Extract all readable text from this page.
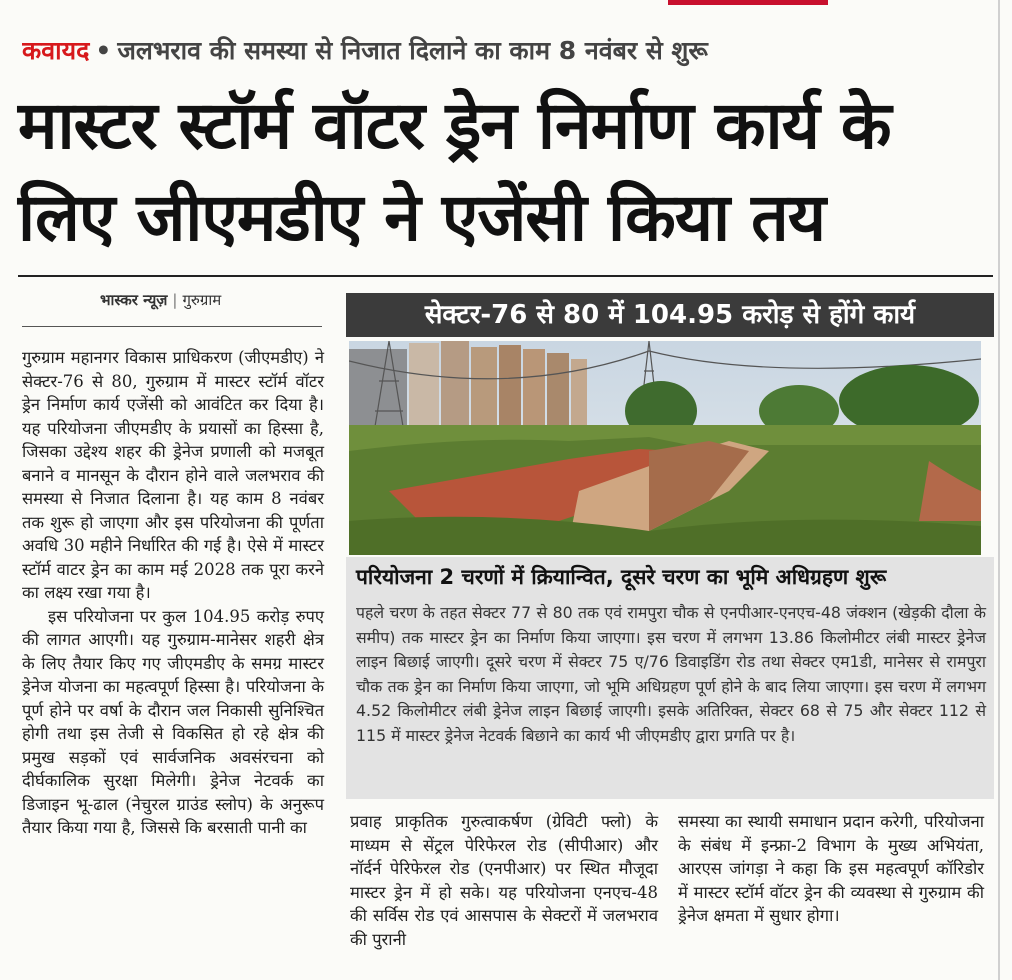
कवायद • जलभराव की समस्या से निजात दिलाने का काम 8 नवंबर से शुरू
मास्टर स्टॉर्म वॉटर ड्रेन निर्माण कार्य के लिए जीएमडीए ने एजेंसी किया तय
भास्कर न्यूज़ | गुरुग्राम

गुरुग्राम महानगर विकास प्राधिकरण (जीएमडीए) ने सेक्टर-76 से 80, गुरुग्राम में मास्टर स्टॉर्म वॉटर ड्रेन निर्माण कार्य एजेंसी को आवंटित कर दिया है। यह परियोजना जीएमडीए के प्रयासों का हिस्सा है, जिसका उद्देश्य शहर की ड्रेनेज प्रणाली को मजबूत बनाने व मानसून के दौरान होने वाले जलभराव की समस्या से निजात दिलाना है। यह काम 8 नवंबर तक शुरू हो जाएगा और इस परियोजना की पूर्णता अवधि 30 महीने निर्धारित की गई है। ऐसे में मास्टर स्टॉर्म वाटर ड्रेन का काम मई 2028 तक पूरा करने का लक्ष्य रखा गया है।

इस परियोजना पर कुल 104.95 करोड़ रुपए की लागत आएगी। यह गुरुग्राम-मानेसर शहरी क्षेत्र के लिए तैयार किए गए जीएमडीए के समग्र मास्टर ड्रेनेज योजना का महत्वपूर्ण हिस्सा है। परियोजना के पूर्ण होने पर वर्षा के दौरान जल निकासी सुनिश्चित होगी तथा इस तेजी से विकसित हो रहे क्षेत्र की प्रमुख सड़कों एवं सार्वजनिक अवसंरचना को दीर्घकालिक सुरक्षा मिलेगी। ड्रेनेज नेटवर्क का डिजाइन भू-ढाल (नेचुरल ग्राउंड स्लोप) के अनुरूप तैयार किया गया है, जिससे कि बरसाती पानी का

सेक्टर-76 से 80 में 104.95 करोड़ से होंगे कार्य
परियोजना 2 चरणों में क्रियान्वित, दूसरे चरण का भूमि अधिग्रहण शुरू

पहले चरण के तहत सेक्टर 77 से 80 तक एवं रामपुरा चौक से एनपीआर-एनएच-48 जंक्शन (खेड़की दौला के समीप) तक मास्टर ड्रेन का निर्माण किया जाएगा। इस चरण में लगभग 13.86 किलोमीटर लंबी मास्टर ड्रेनेज लाइन बिछाई जाएगी। दूसरे चरण में सेक्टर 75 ए/76 डिवाइडिंग रोड तथा सेक्टर एम1डी, मानेसर से रामपुरा चौक तक ड्रेन का निर्माण किया जाएगा, जो भूमि अधिग्रहण पूर्ण होने के बाद लिया जाएगा। इस चरण में लगभग 4.52 किलोमीटर लंबी ड्रेनेज लाइन बिछाई जाएगी। इसके अतिरिक्त, सेक्टर 68 से 75 और सेक्टर 112 से 115 में मास्टर ड्रेनेज नेटवर्क बिछाने का कार्य भी जीएमडीए द्वारा प्रगति पर है।

प्रवाह प्राकृतिक गुरुत्वाकर्षण (ग्रेविटी फ्लो) के माध्यम से सेंट्रल पेरिफेरल रोड (सीपीआर) और नॉर्दर्न पेरिफेरल रोड (एनपीआर) पर स्थित मौजूदा मास्टर ड्रेन में हो सके। यह परियोजना एनएच-48 की सर्विस रोड एवं आसपास के सेक्टरों में जलभराव की पुरानी
समस्या का स्थायी समाधान प्रदान करेगी, परियोजना के संबंध में इन्फ्रा-2 विभाग के मुख्य अभियंता, आरएस जांगड़ा ने कहा कि इस महत्वपूर्ण कॉरिडोर में मास्टर स्टॉर्म वॉटर ड्रेन की व्यवस्था से गुरुग्राम की ड्रेनेज क्षमता में सुधार होगा।
